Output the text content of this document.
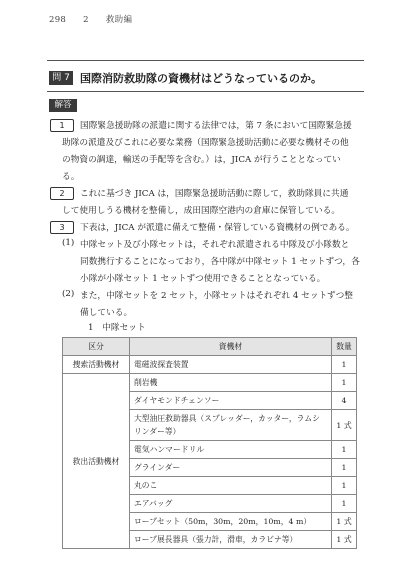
298 2 救助編
問 7 国際消防救助隊の資機材はどうなっているのか。
解答
1	国際緊急援助隊の派遣に関する法律では，第 7 条において国際緊急援
助隊の派遣及びこれに必要な業務（国際緊急援助活動に必要な機材その他
の物資の調達，輸送の手配等を含む。）は，JICA が行うこととなってい
る。
2	これに基づき JICA は，国際緊急援助活動に際して，救助隊員に共通
して使用しうる機材を整備し，成田国際空港内の倉庫に保管している。
3	下表は，JICA が派遣に備えて整備・保管している資機材の例である。
(1) 中隊セット及び小隊セットは，それぞれ派遣される中隊及び小隊数と
同数携行することになっており，各中隊が中隊セット 1 セットずつ，各
小隊が小隊セット 1 セットずつ使用できることとなっている。
(2) また，中隊セットを 2 セット，小隊セットはそれぞれ 4 セットずつ整
備している。
1　中隊セット
区分	資機材	数量
捜索活動機材	電磁波探査装置	1
救出活動機材	削岩機	1
	ダイヤモンドチェンソー	4
	大型油圧救助器具（スプレッダー，カッター，ラムシ
リンダー等）	1 式
	電気ハンマードリル	1
	グラインダー	1
	丸のこ	1
	エアバッグ	1
	ロープセット（50m，30m，20m，10m，4 m）	1 式
	ロープ展長器具（張力計，滑車，カラビナ等）	1 式
